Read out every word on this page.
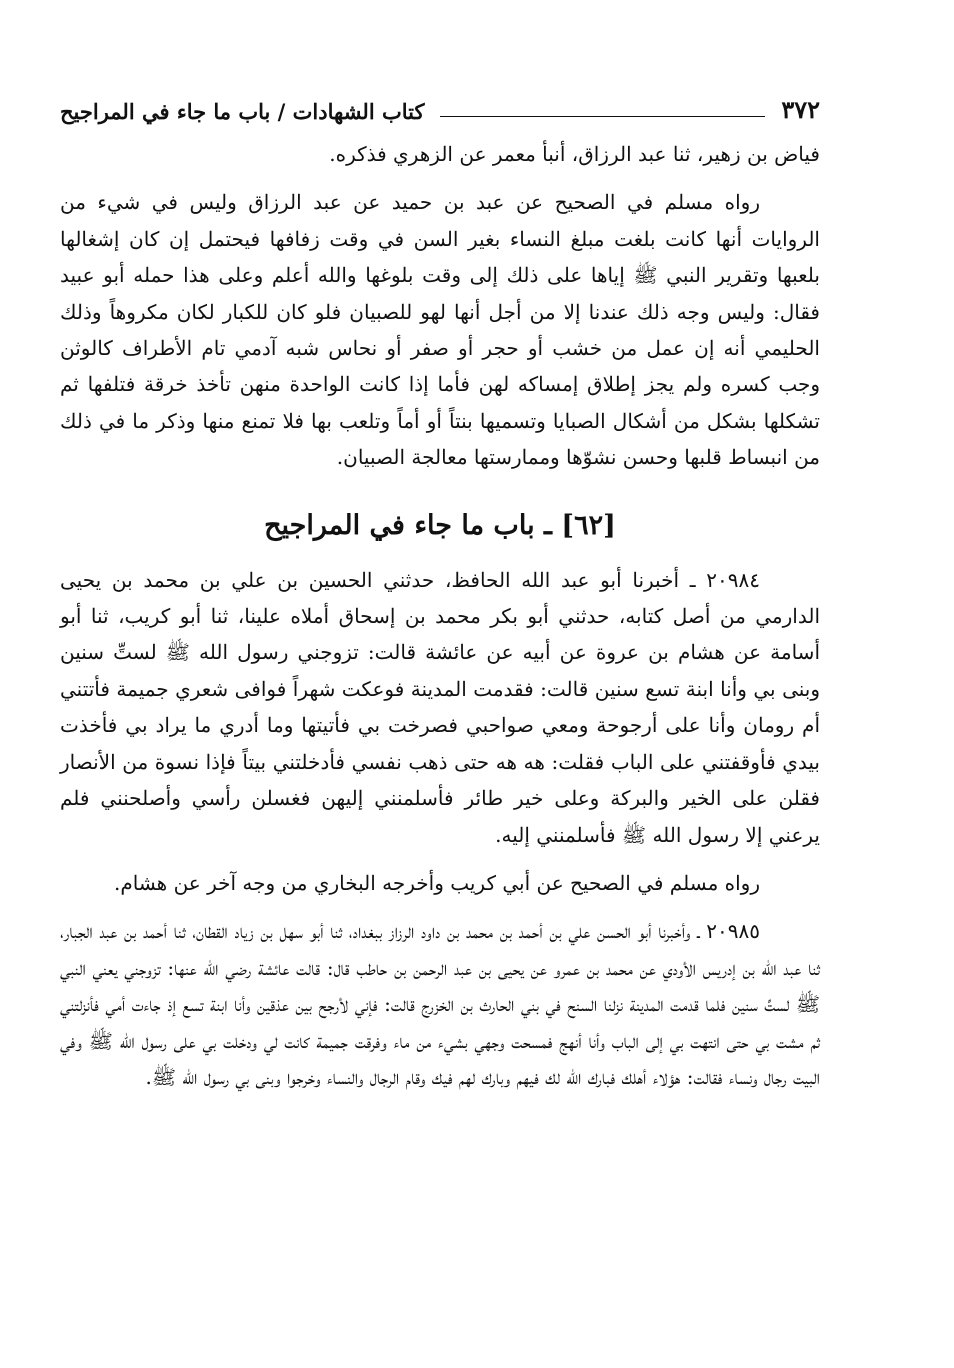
٣٧٢
كتاب الشهادات / باب ما جاء في المراجيح

فياض بن زهير، ثنا عبد الرزاق، أنبأ معمر عن الزهري فذكره.

رواه مسلم في الصحيح عن عبد بن حميد عن عبد الرزاق وليس في شيء من الروايات أنها كانت بلغت مبلغ النساء بغير السن في وقت زفافها فيحتمل إن كان إشغالها بلعبها وتقرير النبي ﷺ إياها على ذلك إلى وقت بلوغها والله أعلم وعلى هذا حمله أبو عبيد فقال: وليس وجه ذلك عندنا إلا من أجل أنها لهو للصبيان فلو كان للكبار لكان مكروهاً وذلك الحليمي أنه إن عمل من خشب أو حجر أو صفر أو نحاس شبه آدمي تام الأطراف كالوثن وجب كسره ولم يجز إطلاق إمساكه لهن فأما إذا كانت الواحدة منهن تأخذ خرقة فتلفها ثم تشكلها بشكل من أشكال الصبايا وتسميها بنتاً أو أماً وتلعب بها فلا تمنع منها وذكر ما في ذلك من انبساط قلبها وحسن نشوّها وممارستها معالجة الصبيان.

[٦٢] ـ باب ما جاء في المراجيح

٢٠٩٨٤ ـ أخبرنا أبو عبد الله الحافظ، حدثني الحسين بن علي بن محمد بن يحيى الدارمي من أصل كتابه، حدثني أبو بكر محمد بن إسحاق أملاه علينا، ثنا أبو كريب، ثنا أبو أسامة عن هشام بن عروة عن أبيه عن عائشة قالت: تزوجني رسول الله ﷺ لستِّ سنين وبنى بي وأنا ابنة تسع سنين قالت: فقدمت المدينة فوعكت شهراً فوافى شعري جميمة فأتتني أم رومان وأنا على أرجوحة ومعي صواحبي فصرخت بي فأتيتها وما أدري ما يراد بي فأخذت بيدي فأوقفتني على الباب فقلت: هه هه حتى ذهب نفسي فأدخلتني بيتاً فإذا نسوة من الأنصار فقلن على الخير والبركة وعلى خير طائر فأسلمنني إليهن فغسلن رأسي وأصلحنني فلم يرعني إلا رسول الله ﷺ فأسلمنني إليه.

رواه مسلم في الصحيح عن أبي كريب وأخرجه البخاري من وجه آخر عن هشام.

٢٠٩٨٥ ـ وأخبرنا أبو الحسن علي بن أحمد بن محمد بن داود الرزاز ببغداد، ثنا أبو سهل بن زياد القطان، ثنا أحمد بن عبد الجبار، ثنا عبد الله بن إدريس الأودي عن محمد بن عمرو عن يحيى بن عبد الرحمن بن حاطب قال: قالت عائشة رضي الله عنها: تزوجني يعني النبي ﷺ لستِّ سنين فلما قدمت المدينة نزلنا السنح في بني الحارث بن الخزرج قالت: فإني لأرجح بين عذقين وأنا ابنة تسع إذ جاءت أمي فأنزلتني ثم مشت بي حتى انتهت بي إلى الباب وأنا أنهج فمسحت وجهي بشيء من ماء وفرقت جميمة كانت لي ودخلت بي على رسول الله ﷺ وفي البيت رجال ونساء فقالت: هؤلاء أهلك فبارك الله لك فيهم وبارك لهم فيك وقام الرجال والنساء وخرجوا وبنى بي رسول الله ﷺ.
